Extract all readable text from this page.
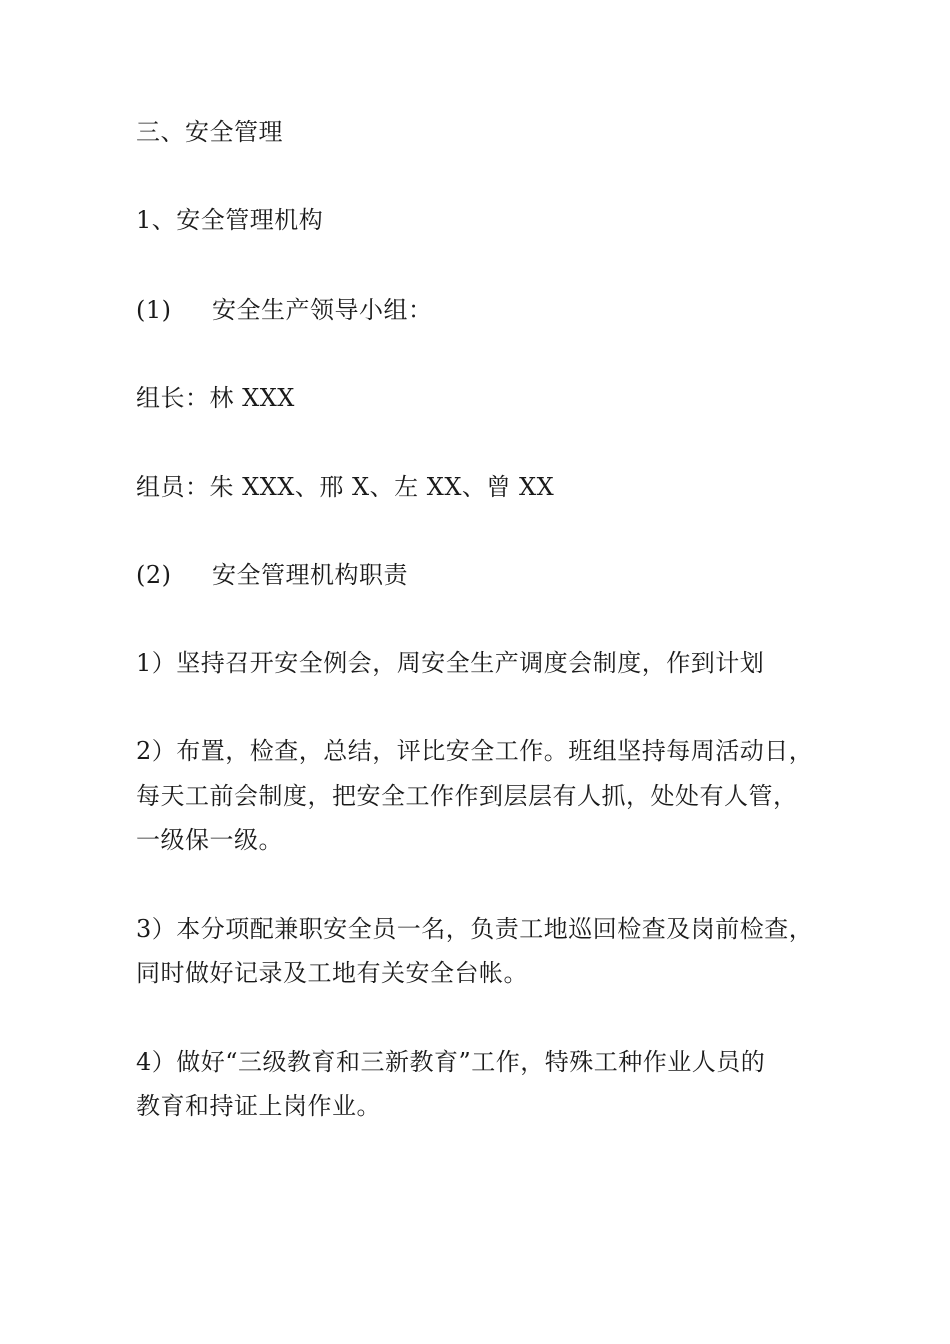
三、安全管理
1、安全管理机构
(1) 安全生产领导小组：
组长：林 XXX
组员：朱 XXX、邢 X、左 XX、曾 XX
(2) 安全管理机构职责
1）坚持召开安全例会，周安全生产调度会制度，作到计划
2）布置，检查，总结，评比安全工作。班组坚持每周活动日，
每天工前会制度，把安全工作作到层层有人抓，处处有人管，
一级保一级。
3）本分项配兼职安全员一名，负责工地巡回检查及岗前检查，
同时做好记录及工地有关安全台帐。
4）做好“三级教育和三新教育”工作，特殊工种作业人员的
教育和持证上岗作业。
